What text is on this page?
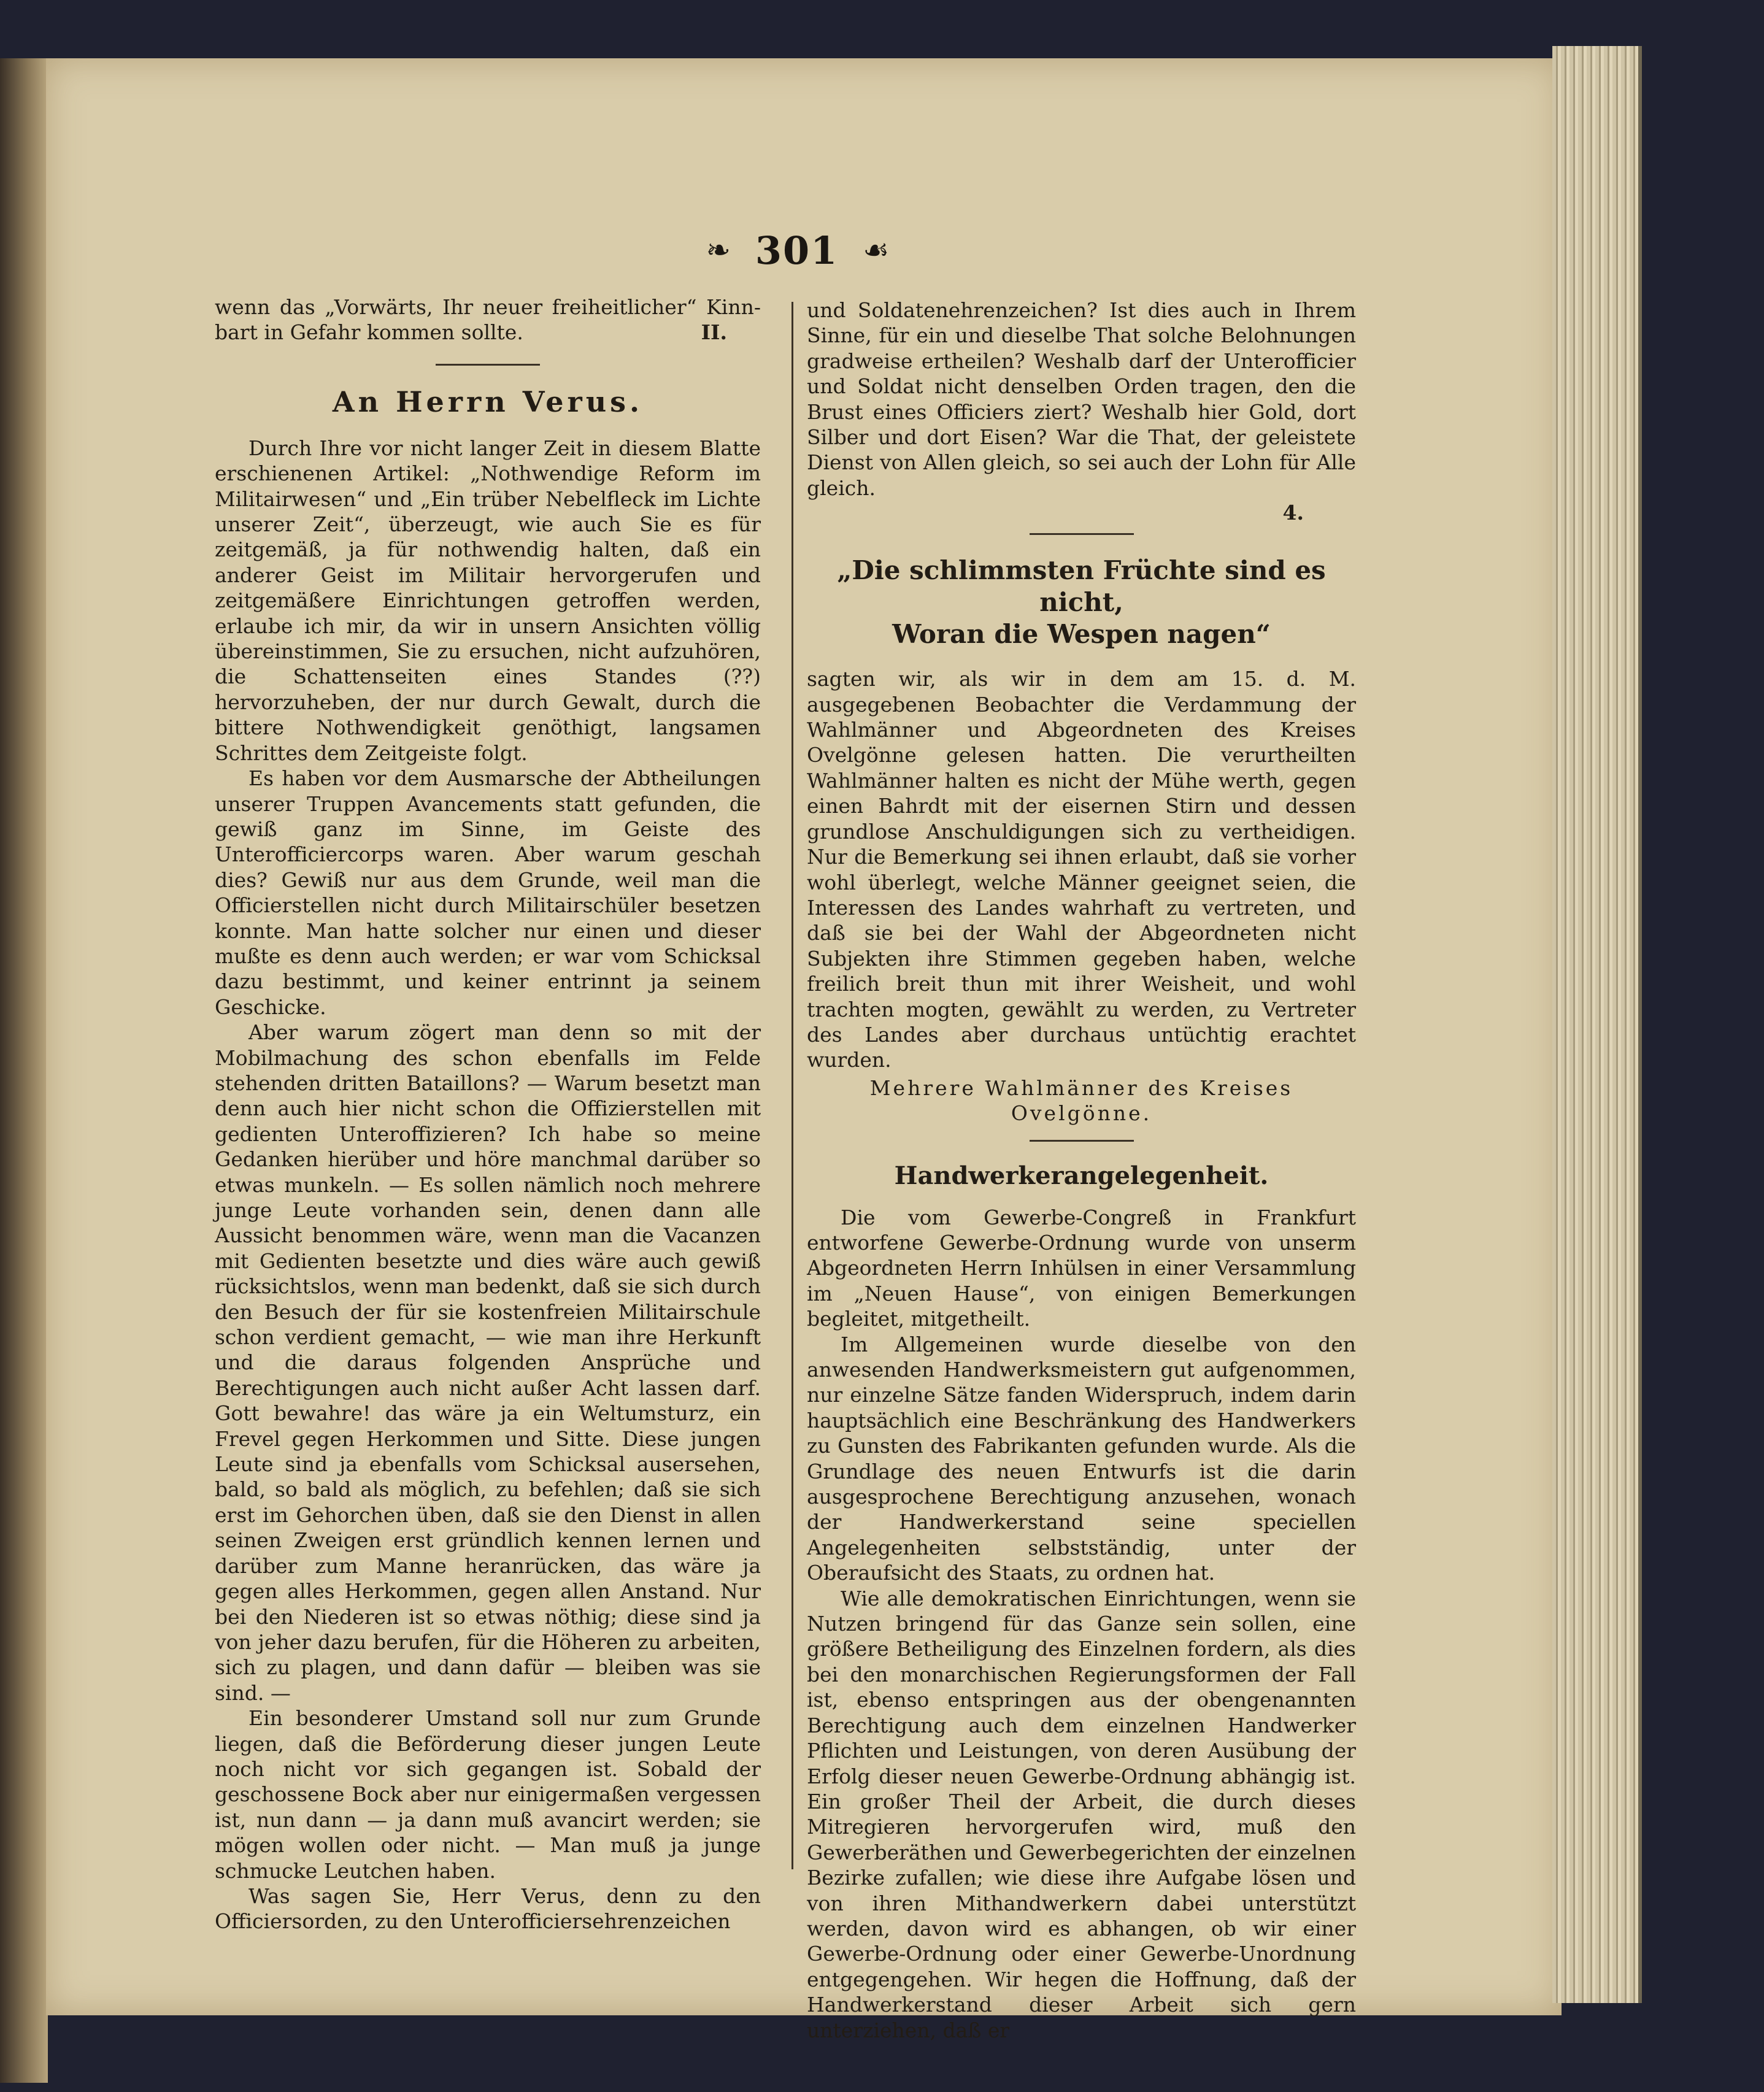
❧ 301 ☙

wenn das „Vorwärts, Ihr neuer freiheitlicher“ Kinn-

bart in Gefahr kommen sollte.	II.

An Herrn Verus.

Durch Ihre vor nicht langer Zeit in diesem Blatte erschienenen Artikel: „Nothwendige Reform im Militairwesen“ und „Ein trüber Nebelfleck im Lichte unserer Zeit“, überzeugt, wie auch Sie es für zeitgemäß, ja für nothwendig halten, daß ein anderer Geist im Militair hervorgerufen und zeitgemäßere Einrichtungen getroffen werden, erlaube ich mir, da wir in unsern Ansichten völlig übereinstimmen, Sie zu ersuchen, nicht aufzuhören, die Schattenseiten eines Standes (??) hervorzuheben, der nur durch Gewalt, durch die bittere Nothwendigkeit genöthigt, langsamen Schrittes dem Zeitgeiste folgt.

Es haben vor dem Ausmarsche der Abtheilungen unserer Truppen Avancements statt gefunden, die gewiß ganz im Sinne, im Geiste des Unterofficiercorps waren. Aber warum geschah dies? Gewiß nur aus dem Grunde, weil man die Officierstellen nicht durch Militairschüler besetzen konnte. Man hatte solcher nur einen und dieser mußte es denn auch werden; er war vom Schicksal dazu bestimmt, und keiner entrinnt ja seinem Geschicke.

Aber warum zögert man denn so mit der Mobilmachung des schon ebenfalls im Felde stehenden dritten Bataillons? — Warum besetzt man denn auch hier nicht schon die Offizierstellen mit gedienten Unteroffizieren? Ich habe so meine Gedanken hierüber und höre manchmal darüber so etwas munkeln. — Es sollen nämlich noch mehrere junge Leute vorhanden sein, denen dann alle Aussicht benommen wäre, wenn man die Vacanzen mit Gedienten besetzte und dies wäre auch gewiß rücksichtslos, wenn man bedenkt, daß sie sich durch den Besuch der für sie kostenfreien Militairschule schon verdient gemacht, — wie man ihre Herkunft und die daraus folgenden Ansprüche und Berechtigungen auch nicht außer Acht lassen darf. Gott bewahre! das wäre ja ein Weltumsturz, ein Frevel gegen Herkommen und Sitte. Diese jungen Leute sind ja ebenfalls vom Schicksal ausersehen, bald, so bald als möglich, zu befehlen; daß sie sich erst im Gehorchen üben, daß sie den Dienst in allen seinen Zweigen erst gründlich kennen lernen und darüber zum Manne heranrücken, das wäre ja gegen alles Herkommen, gegen allen Anstand. Nur bei den Niederen ist so etwas nöthig; diese sind ja von jeher dazu berufen, für die Höheren zu arbeiten, sich zu plagen, und dann dafür — bleiben was sie sind. —

Ein besonderer Umstand soll nur zum Grunde liegen, daß die Beförderung dieser jungen Leute noch nicht vor sich gegangen ist. Sobald der geschossene Bock aber nur einigermaßen vergessen ist, nun dann — ja dann muß avancirt werden; sie mögen wollen oder nicht. — Man muß ja junge schmucke Leutchen haben.

Was sagen Sie, Herr Verus, denn zu den Officiersorden, zu den Unterofficiersehrenzeichen

und Soldatenehrenzeichen? Ist dies auch in Ihrem Sinne, für ein und dieselbe That solche Belohnungen gradweise ertheilen? Weshalb darf der Unterofficier und Soldat nicht denselben Orden tragen, den die Brust eines Officiers ziert? Weshalb hier Gold, dort Silber und dort Eisen? War die That, der geleistete Dienst von Allen gleich, so sei auch der Lohn für Alle gleich.

4.

„Die schlimmsten Früchte sind es nicht,

Woran die Wespen nagen“

sagten wir, als wir in dem am 15. d. M. ausgegebenen Beobachter die Verdammung der Wahlmänner und Abgeordneten des Kreises Ovelgönne gelesen hatten. Die verurtheilten Wahlmänner halten es nicht der Mühe werth, gegen einen Bahrdt mit der eisernen Stirn und dessen grundlose Anschuldigungen sich zu vertheidigen. Nur die Bemerkung sei ihnen erlaubt, daß sie vorher wohl überlegt, welche Männer geeignet seien, die Interessen des Landes wahrhaft zu vertreten, und daß sie bei der Wahl der Abgeordneten nicht Subjekten ihre Stimmen gegeben haben, welche freilich breit thun mit ihrer Weisheit, und wohl trachten mogten, gewählt zu werden, zu Vertreter des Landes aber durchaus untüchtig erachtet wurden.

Mehrere Wahlmänner des Kreises

Ovelgönne.

Handwerkerangelegenheit.

Die vom Gewerbe-Congreß in Frankfurt entworfene Gewerbe-Ordnung wurde von unserm Abgeordneten Herrn Inhülsen in einer Versammlung im „Neuen Hause“, von einigen Bemerkungen begleitet, mitgetheilt.

Im Allgemeinen wurde dieselbe von den anwesenden Handwerksmeistern gut aufgenommen, nur einzelne Sätze fanden Widerspruch, indem darin hauptsächlich eine Beschränkung des Handwerkers zu Gunsten des Fabrikanten gefunden wurde. Als die Grundlage des neuen Entwurfs ist die darin ausgesprochene Berechtigung anzusehen, wonach der Handwerkerstand seine speciellen Angelegenheiten selbstständig, unter der Oberaufsicht des Staats, zu ordnen hat.

Wie alle demokratischen Einrichtungen, wenn sie Nutzen bringend für das Ganze sein sollen, eine größere Betheiligung des Einzelnen fordern, als dies bei den monarchischen Regierungsformen der Fall ist, ebenso entspringen aus der obengenannten Berechtigung auch dem einzelnen Handwerker Pflichten und Leistungen, von deren Ausübung der Erfolg dieser neuen Gewerbe-Ordnung abhängig ist. Ein großer Theil der Arbeit, die durch dieses Mitregieren hervorgerufen wird, muß den Gewerberäthen und Gewerbegerichten der einzelnen Bezirke zufallen; wie diese ihre Aufgabe lösen und von ihren Mithandwerkern dabei unterstützt werden, davon wird es abhangen, ob wir einer Gewerbe-Ordnung oder einer Gewerbe-Unordnung entgegengehen. Wir hegen die Hoffnung, daß der Handwerkerstand dieser Arbeit sich gern unterziehen, daß er
